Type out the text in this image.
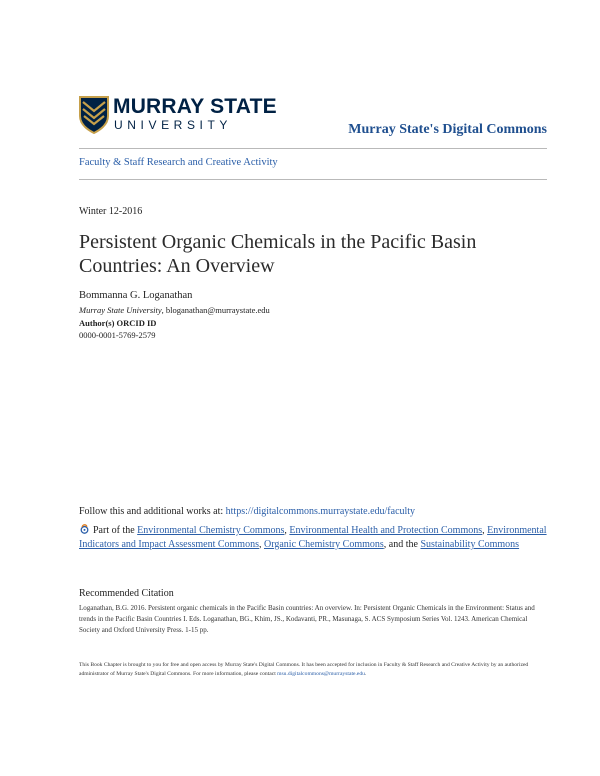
MURRAY STATE
UNIVERSITY	Murray State's Digital Commons
Faculty & Staff Research and Creative Activity
Winter 12-2016
Persistent Organic Chemicals in the Pacific Basin Countries: An Overview
Bommanna G. Loganathan
Murray State University, bloganathan@murraystate.edu
Author(s) ORCID ID
0000-0001-5769-2579
Follow this and additional works at: https://digitalcommons.murraystate.edu/faculty
Part of the Environmental Chemistry Commons, Environmental Health and Protection Commons, Environmental Indicators and Impact Assessment Commons, Organic Chemistry Commons, and the Sustainability Commons
Recommended Citation
Loganathan, B.G. 2016. Persistent organic chemicals in the Pacific Basin countries: An overview. In: Persistent Organic Chemicals in the Environment: Status and trends in the Pacific Basin Countries I. Eds. Loganathan, BG., Khim, JS., Kodavanti, PR., Masunaga, S. ACS Symposium Series Vol. 1243. American Chemical Society and Oxford University Press. 1-15 pp.
This Book Chapter is brought to you for free and open access by Murray State's Digital Commons. It has been accepted for inclusion in Faculty & Staff Research and Creative Activity by an authorized administrator of Murray State's Digital Commons. For more information, please contact msu.digitalcommons@murraystate.edu.
